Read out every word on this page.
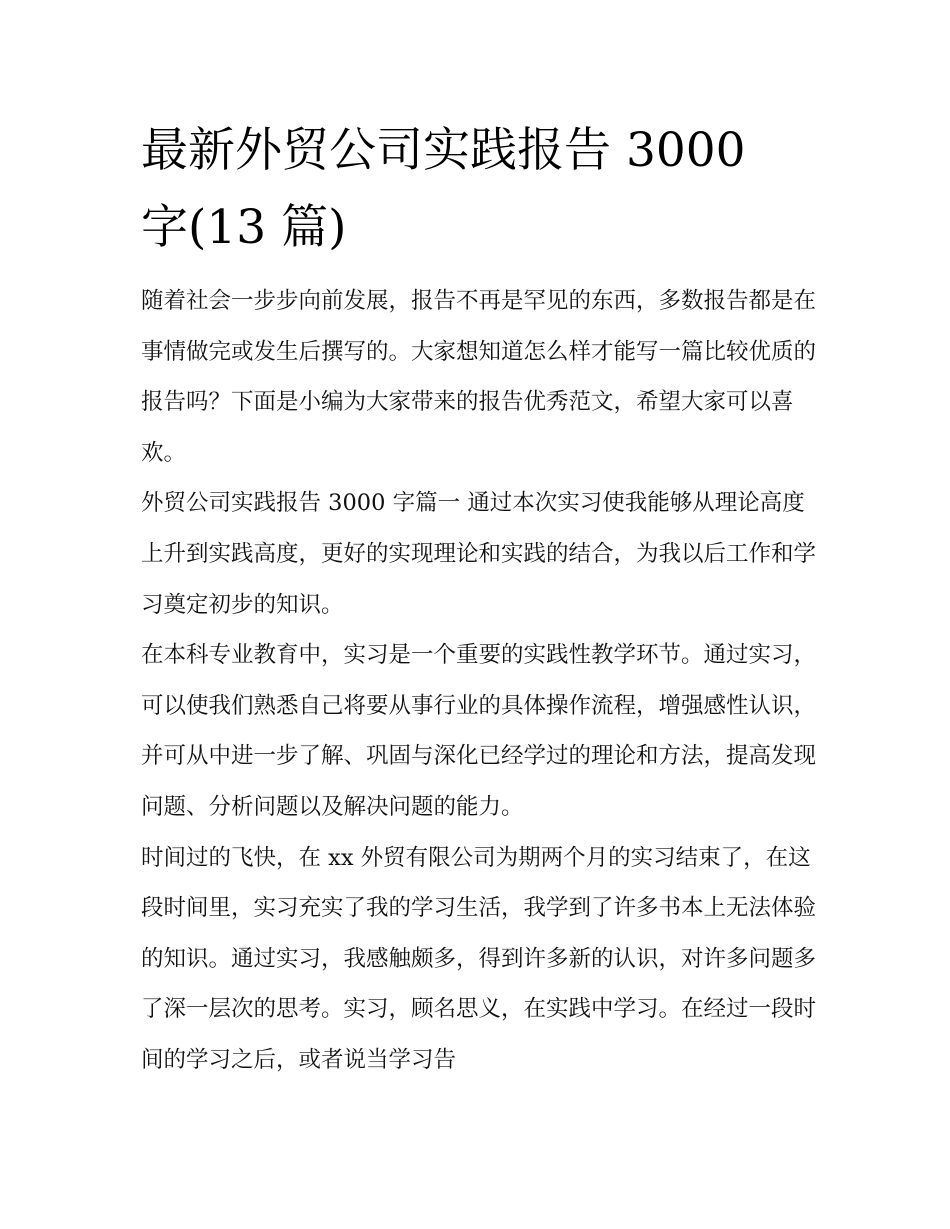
最新外贸公司实践报告 3000
字(13 篇)

随着社会一步步向前发展，报告不再是罕见的东西，多数报告都是在事情做完或发生后撰写的。大家想知道怎么样才能写一篇比较优质的报告吗？下面是小编为大家带来的报告优秀范文，希望大家可以喜欢。

外贸公司实践报告 3000 字篇一 通过本次实习使我能够从理论高度上升到实践高度，更好的实现理论和实践的结合，为我以后工作和学习奠定初步的知识。

在本科专业教育中，实习是一个重要的实践性教学环节。通过实习，可以使我们熟悉自己将要从事行业的具体操作流程，增强感性认识，并可从中进一步了解、巩固与深化已经学过的理论和方法，提高发现问题、分析问题以及解决问题的能力。

时间过的飞快，在 xx 外贸有限公司为期两个月的实习结束了，在这段时间里，实习充实了我的学习生活，我学到了许多书本上无法体验的知识。通过实习，我感触颇多，得到许多新的认识，对许多问题多了深一层次的思考。实习，顾名思义，在实践中学习。在经过一段时间的学习之后，或者说当学习告
